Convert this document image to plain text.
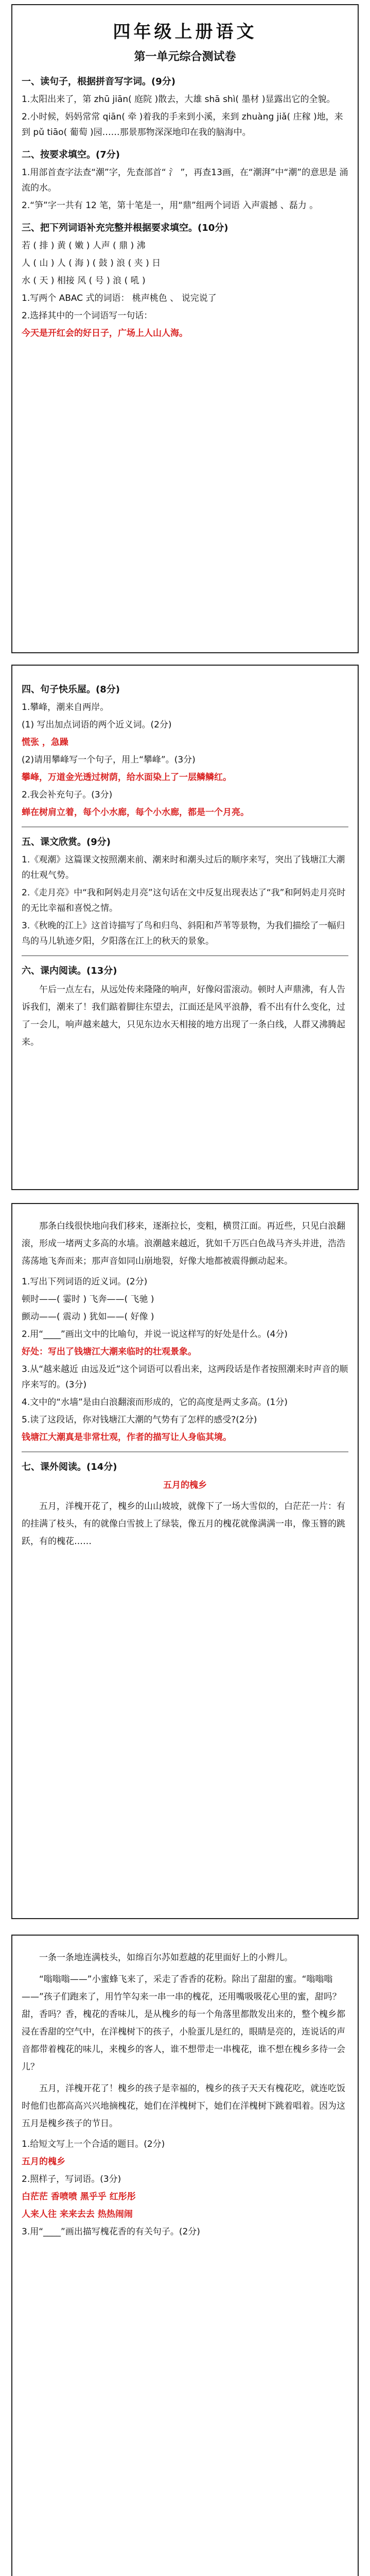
四年级上册语文
第一单元综合测试卷
一、读句子，根据拼音写字词。(9分)
1.太阳出来了，第 zhū jiān( 庭院 )散去，大雄 shā shì( 墨材 )显露出它的全貌。
2.小时候，妈妈常常 qiān( 牵 )着我的手来到小溪，来到 zhuàng jiǎ( 庄稼 )地，来到 pǔ tiāo( 葡萄 )园……那景那物深深地印在我的脑海中。
二、按要求填空。(7分)
1.用部首查字法查“潮”字，先查部首“ 氵 ”，再查13画，在“潮湃”中“潮”的意思是 涌流的水。
2.“笋”字一共有 12 笔，第十笔是一，用“鼎”组两个词语 入声震撼 、磊力 。
三、把下列词语补充完整并根据要求填空。(10分)
若 ( 排 ) 黄 ( 嫩 ) 人声 ( 鼎 ) 沸
人 ( 山 ) 人 ( 海 ) ( 鼓 ) 浪 ( 夹 ) 日
水 ( 天 ) 相接 风 ( 号 ) 浪 ( 吼 )
1.写两个 ABAC 式的词语： 桃声桃色 、 说完说了
2.选择其中的一个词语写一句话：
今天是开红会的好日子，广场上人山人海。
四、句子快乐屋。(8分)
1.攀峰，潮来自两岸。
(1) 写出加点词语的两个近义词。(2分)
慌张 ，急躁
(2)请用攀峰写一个句子，用上“攀峰”。(3分)
攀峰，万道金光透过树荫，给水面染上了一层鳞鳞红。
2.我会补充句子。(3分)
蝉在树肩立着，每个小水廊，每个小水廊，都是一个月亮。
五、课文欣赏。(9分)
1.《观潮》这篇课文按照潮来前、潮来时和潮头过后的顺序来写，突出了钱塘江大潮的壮观气势。
2.《走月亮》中“我和阿妈走月亮”这句话在文中反复出现表达了“我”和阿妈走月亮时的无比幸福和喜悦之情。
3.《秋晚的江上》这首诗描写了鸟和归鸟、斜阳和芦苇等景物，为我们描绘了一幅归鸟的马儿轨迹夕阳，夕阳落在江上的秋天的景象。
六、课内阅读。(13分)
午后一点左右，从远处传来隆隆的响声，好像闷雷滚动。顿时人声鼎沸，有人告诉我们，潮来了！我们踮着脚往东望去，江面还是风平浪静，看不出有什么变化，过了一会儿，响声越来越大，只见东边水天相接的地方出现了一条白线，人群又沸腾起来。
那条白线很快地向我们移来，逐渐拉长，变粗，横贯江面。再近些，只见白浪翻滚，形成一堵两丈多高的水墙。浪潮越来越近，犹如千万匹白色战马齐头并进，浩浩荡荡地飞奔而来；那声音如同山崩地裂，好像大地都被震得颤动起来。
1.写出下列词语的近义词。(2分)
顿时——( 霎时 ) 飞奔——( 飞驰 )
颤动——( 震动 ) 犹如——( 好像 )
2.用“____”画出文中的比喻句，并说一说这样写的好处是什么。(4分)
好处：写出了钱塘江大潮来临时的壮观景象。
3.从“越来越近 由远及近”这个词语可以看出来，这两段话是作者按照潮来时声音的顺序来写的。(3分)
4.文中的“水墙”是由白浪翻滚而形成的，它的高度是两丈多高。(1分)
5.读了这段话，你对钱塘江大潮的气势有了怎样的感受?(2分)
钱塘江大潮真是非常壮观，作者的描写让人身临其境。
七、课外阅读。(14分)
五月的槐乡
五月，洋槐开花了，槐乡的山山坡坡，就像下了一场大雪似的，白茫茫一片：有的挂满了枝头，有的就像白雪披上了绿装，像五月的槐花就像满满一串，像玉簪的跳跃，有的槐花……
一条一条地连满枝头，如绵百尔苏如惹越的花里面好上的小辫儿。
“嗡嗡嗡——”小蜜蜂飞来了，采走了香香的花粉。除出了甜甜的蜜。“嗡嗡嗡——”孩子们跑来了，用竹竿勾来一串一串的槐花，还用嘴吸吸花心里的蜜，甜吗？甜，香吗？香，槐花的香味儿，是从槐乡的每一个角落里都散发出来的，整个槐乡都浸在香甜的空气中，在洋槐树下的孩子，小脸蛋儿是红的，眼睛是亮的，连说话的声音都带着槐花的味儿，来槐乡的客人，谁不想带走一串槐花，谁不想在槐乡多待一会儿？
五月，洋槐开花了！槐乡的孩子是幸福的，槐乡的孩子天天有槐花吃，就连吃饭时他们也都高高兴兴地摘槐花，她们在洋槐树下，她们在洋槐树下跳着唱着。因为这五月是槐乡孩子的节日。
1.给短文写上一个合适的题目。(2分)
五月的槐乡
2.照样子，写词语。(3分)
白茫茫 香喷喷 黑乎乎 红彤彤
人来人往 来来去去 热热闹闹
3.用“____”画出描写槐花香的有关句子。(2分)
